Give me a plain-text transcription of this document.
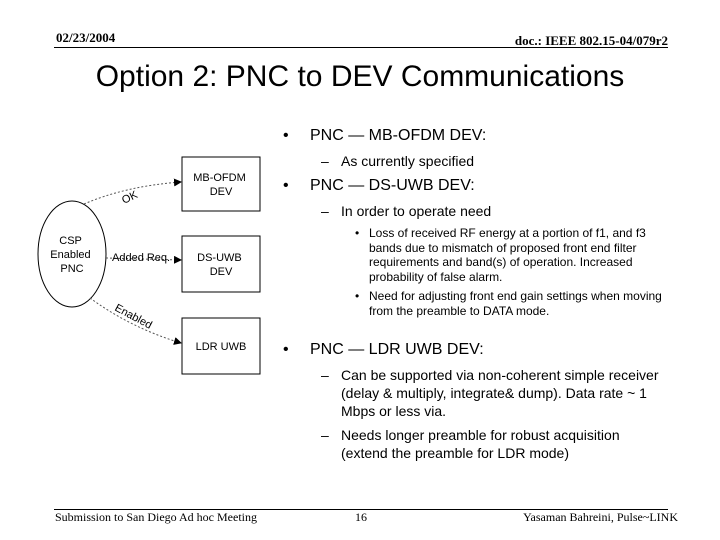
02/23/2004	doc.: IEEE 802.15-04/079r2
Option 2: PNC to DEV Communications
CSP Enabled PNC
MB-OFDM DEV
DS-UWB DEV
LDR UWB
OK
Added Req.
Enabled
• PNC — MB-OFDM DEV:
– As currently specified
• PNC — DS-UWB DEV:
– In order to operate need
• Loss of received RF energy at a portion of f1, and f3 bands due to mismatch of proposed front end filter requirements and band(s) of operation. Increased probability of false alarm.
• Need for adjusting front end gain settings when moving from the preamble to DATA mode.
• PNC — LDR UWB DEV:
– Can be supported via non-coherent simple receiver (delay & multiply, integrate& dump). Data rate ~ 1 Mbps or less via.
– Needs longer preamble for robust acquisition (extend the preamble for LDR mode)
Submission to San Diego Ad hoc Meeting	16	Yasaman Bahreini, Pulse~LINK
